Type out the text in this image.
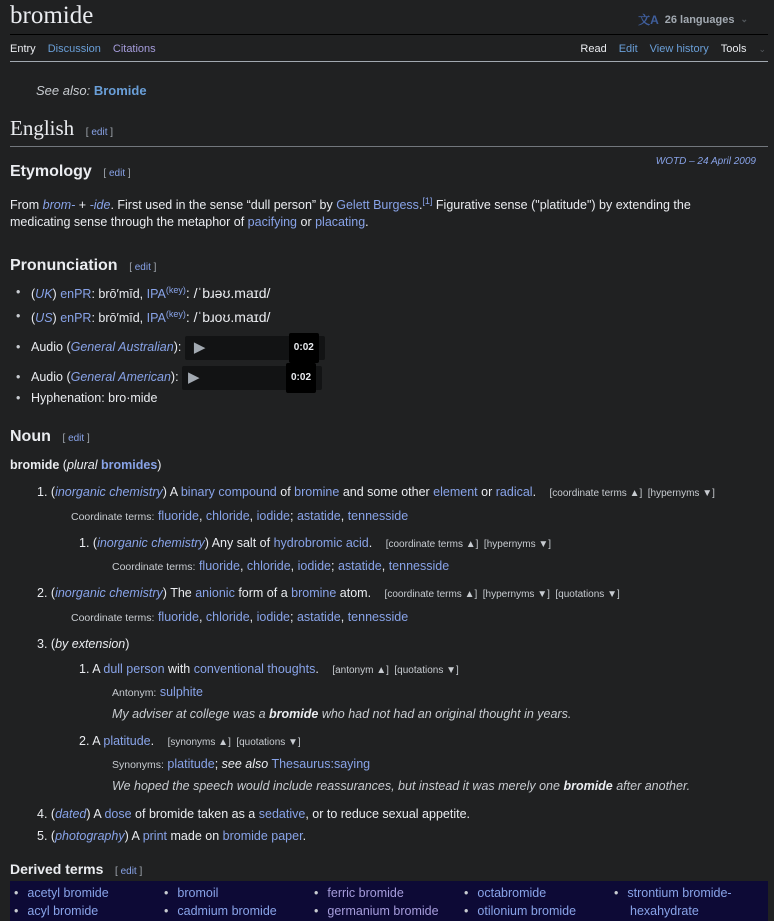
bromide	文A 26 languages ⌄
Entry Discussion Citations	Read Edit View history Tools ⌄
See also: Bromide
English [ edit ]
Etymology [ edit ]
WOTD – 24 April 2009
From brom- + -ide. First used in the sense “dull person” by Gelett Burgess.[1] Figurative sense ("platitude") by extending the
medicating sense through the metaphor of pacifying or placating.
Pronunciation [ edit ]
• (UK) enPR: brō′mīd, $IPA^{(key)}$: /ˈbɹəʊ.maɪd/
• (US) enPR: brō′mīd, $IPA^{(key)}$: /ˈbɹoʊ.maɪd/
• Audio (General Australian): ▶	0:02
• Audio (General American): ▶	0:02
• Hyphenation: bro·mide
Noun [ edit ]
bromide (plural bromides)
1. (inorganic chemistry) A binary compound of bromine and some other element or radical. [coordinate terms ▲] [hypernyms ▼]
Coordinate terms: fluoride, chloride, iodide; astatide, tennesside
1. (inorganic chemistry) Any salt of hydrobromic acid. [coordinate terms ▲] [hypernyms ▼]
Coordinate terms: fluoride, chloride, iodide; astatide, tennesside
2. (inorganic chemistry) The anionic form of a bromine atom. [coordinate terms ▲] [hypernyms ▼] [quotations ▼]
Coordinate terms: fluoride, chloride, iodide; astatide, tennesside
3. (by extension)
1. A dull person with conventional thoughts. [antonym ▲] [quotations ▼]
Antonym: sulphite
My adviser at college was a bromide who had not had an original thought in years.
2. A platitude. [synonyms ▲] [quotations ▼]
Synonyms: platitude; see also Thesaurus:saying
We hoped the speech would include reassurances, but instead it was merely one bromide after another.
4. (dated) A dose of bromide taken as a sedative, or to reduce sexual appetite.
5. (photography) A print made on bromide paper.
Derived terms [ edit ]
• acetyl bromide
• acyl bromide
• bromoil
• cadmium bromide
• ferric bromide
• germanium bromide
• octabromide
• otilonium bromide
• strontium bromide-
hexahydrate
